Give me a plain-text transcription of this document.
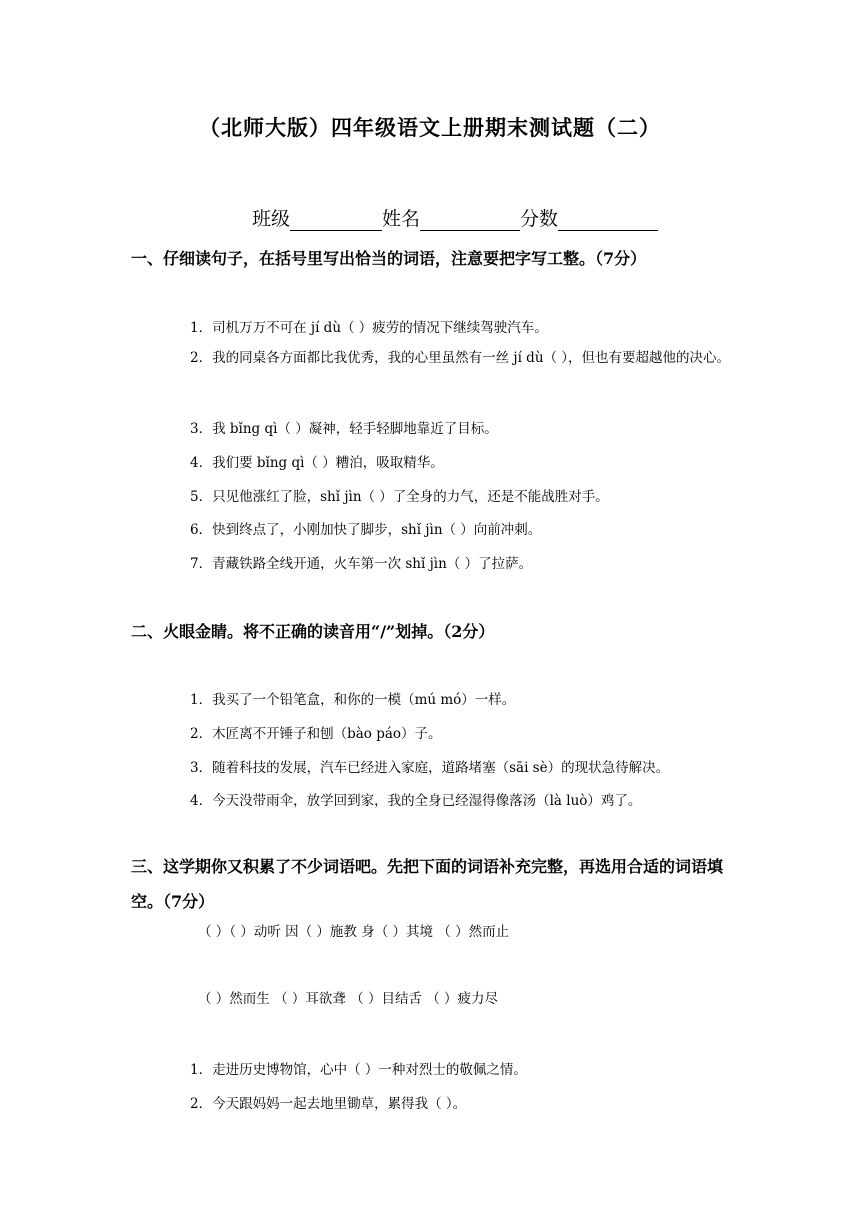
（北师大版）四年级语文上册期末测试题（二）
班级	姓名	分数
一、仔细读句子，在括号里写出恰当的词语，注意要把字写工整。（7分）
1．司机万万不可在 jí dù（ ）疲劳的情况下继续驾驶汽车。
2．我的同桌各方面都比我优秀，我的心里虽然有一丝 jí dù（ ），但也有要超越他的决心。
3．我 bǐng qì（ ）凝神，轻手轻脚地靠近了目标。
4．我们要 bǐng qì（ ）糟泊，吸取精华。
5．只见他涨红了脸，shǐ jìn（ ）了全身的力气，还是不能战胜对手。
6．快到终点了，小刚加快了脚步，shǐ jìn（ ）向前冲刺。
7．青藏铁路全线开通，火车第一次 shǐ jìn（ ）了拉萨。
二、火眼金睛。将不正确的读音用“/”划掉。（2分）
1．我买了一个铅笔盒，和你的一模（mú mó）一样。
2．木匠离不开锤子和刨（bào páo）子。
3．随着科技的发展，汽车已经进入家庭，道路堵塞（sāi sè）的现状急待解决。
4．今天没带雨伞，放学回到家，我的全身已经湿得像落汤（là luò）鸡了。
三、这学期你又积累了不少词语吧。先把下面的词语补充完整，再选用合适的词语填空。（7分）
（ ）（ ）动听 因（ ）施教 身（ ）其境 （ ）然而止
（ ）然而生 （ ）耳欲聋 （ ）目结舌 （ ）疲力尽
1．走进历史博物馆，心中（ ）一种对烈士的敬佩之情。
2．今天跟妈妈一起去地里锄草，累得我（ ）。
